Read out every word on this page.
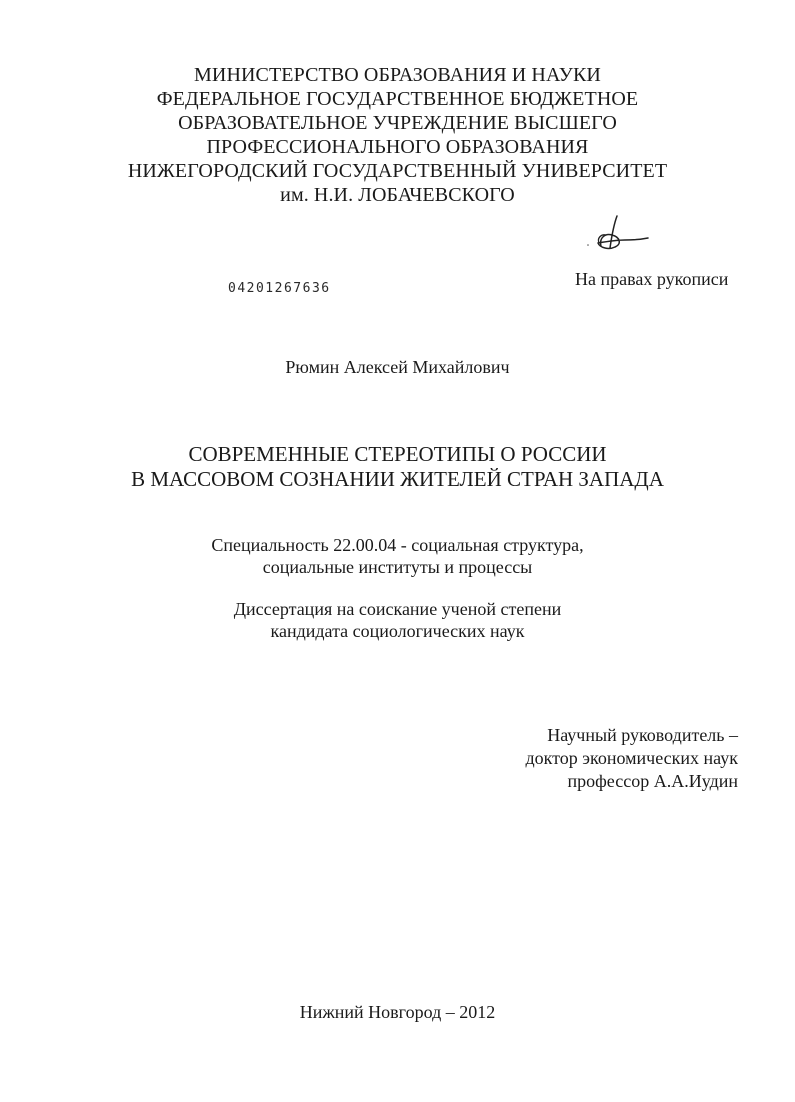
МИНИСТЕРСТВО ОБРАЗОВАНИЯ И НАУКИ
ФЕДЕРАЛЬНОЕ ГОСУДАРСТВЕННОЕ БЮДЖЕТНОЕ
ОБРАЗОВАТЕЛЬНОЕ УЧРЕЖДЕНИЕ ВЫСШЕГО
ПРОФЕССИОНАЛЬНОГО ОБРАЗОВАНИЯ
НИЖЕГОРОДСКИЙ ГОСУДАРСТВЕННЫЙ УНИВЕРСИТЕТ
им. Н.И. ЛОБАЧЕВСКОГО
На правах рукописи
04201267636
Рюмин Алексей Михайлович
СОВРЕМЕННЫЕ СТЕРЕОТИПЫ О РОССИИ
В МАССОВОМ СОЗНАНИИ ЖИТЕЛЕЙ СТРАН ЗАПАДА
Специальность 22.00.04 - социальная структура,
социальные институты и процессы
Диссертация на соискание ученой степени
кандидата социологических наук
Научный руководитель –
доктор экономических наук
профессор А.А.Иудин
Нижний Новгород – 2012
